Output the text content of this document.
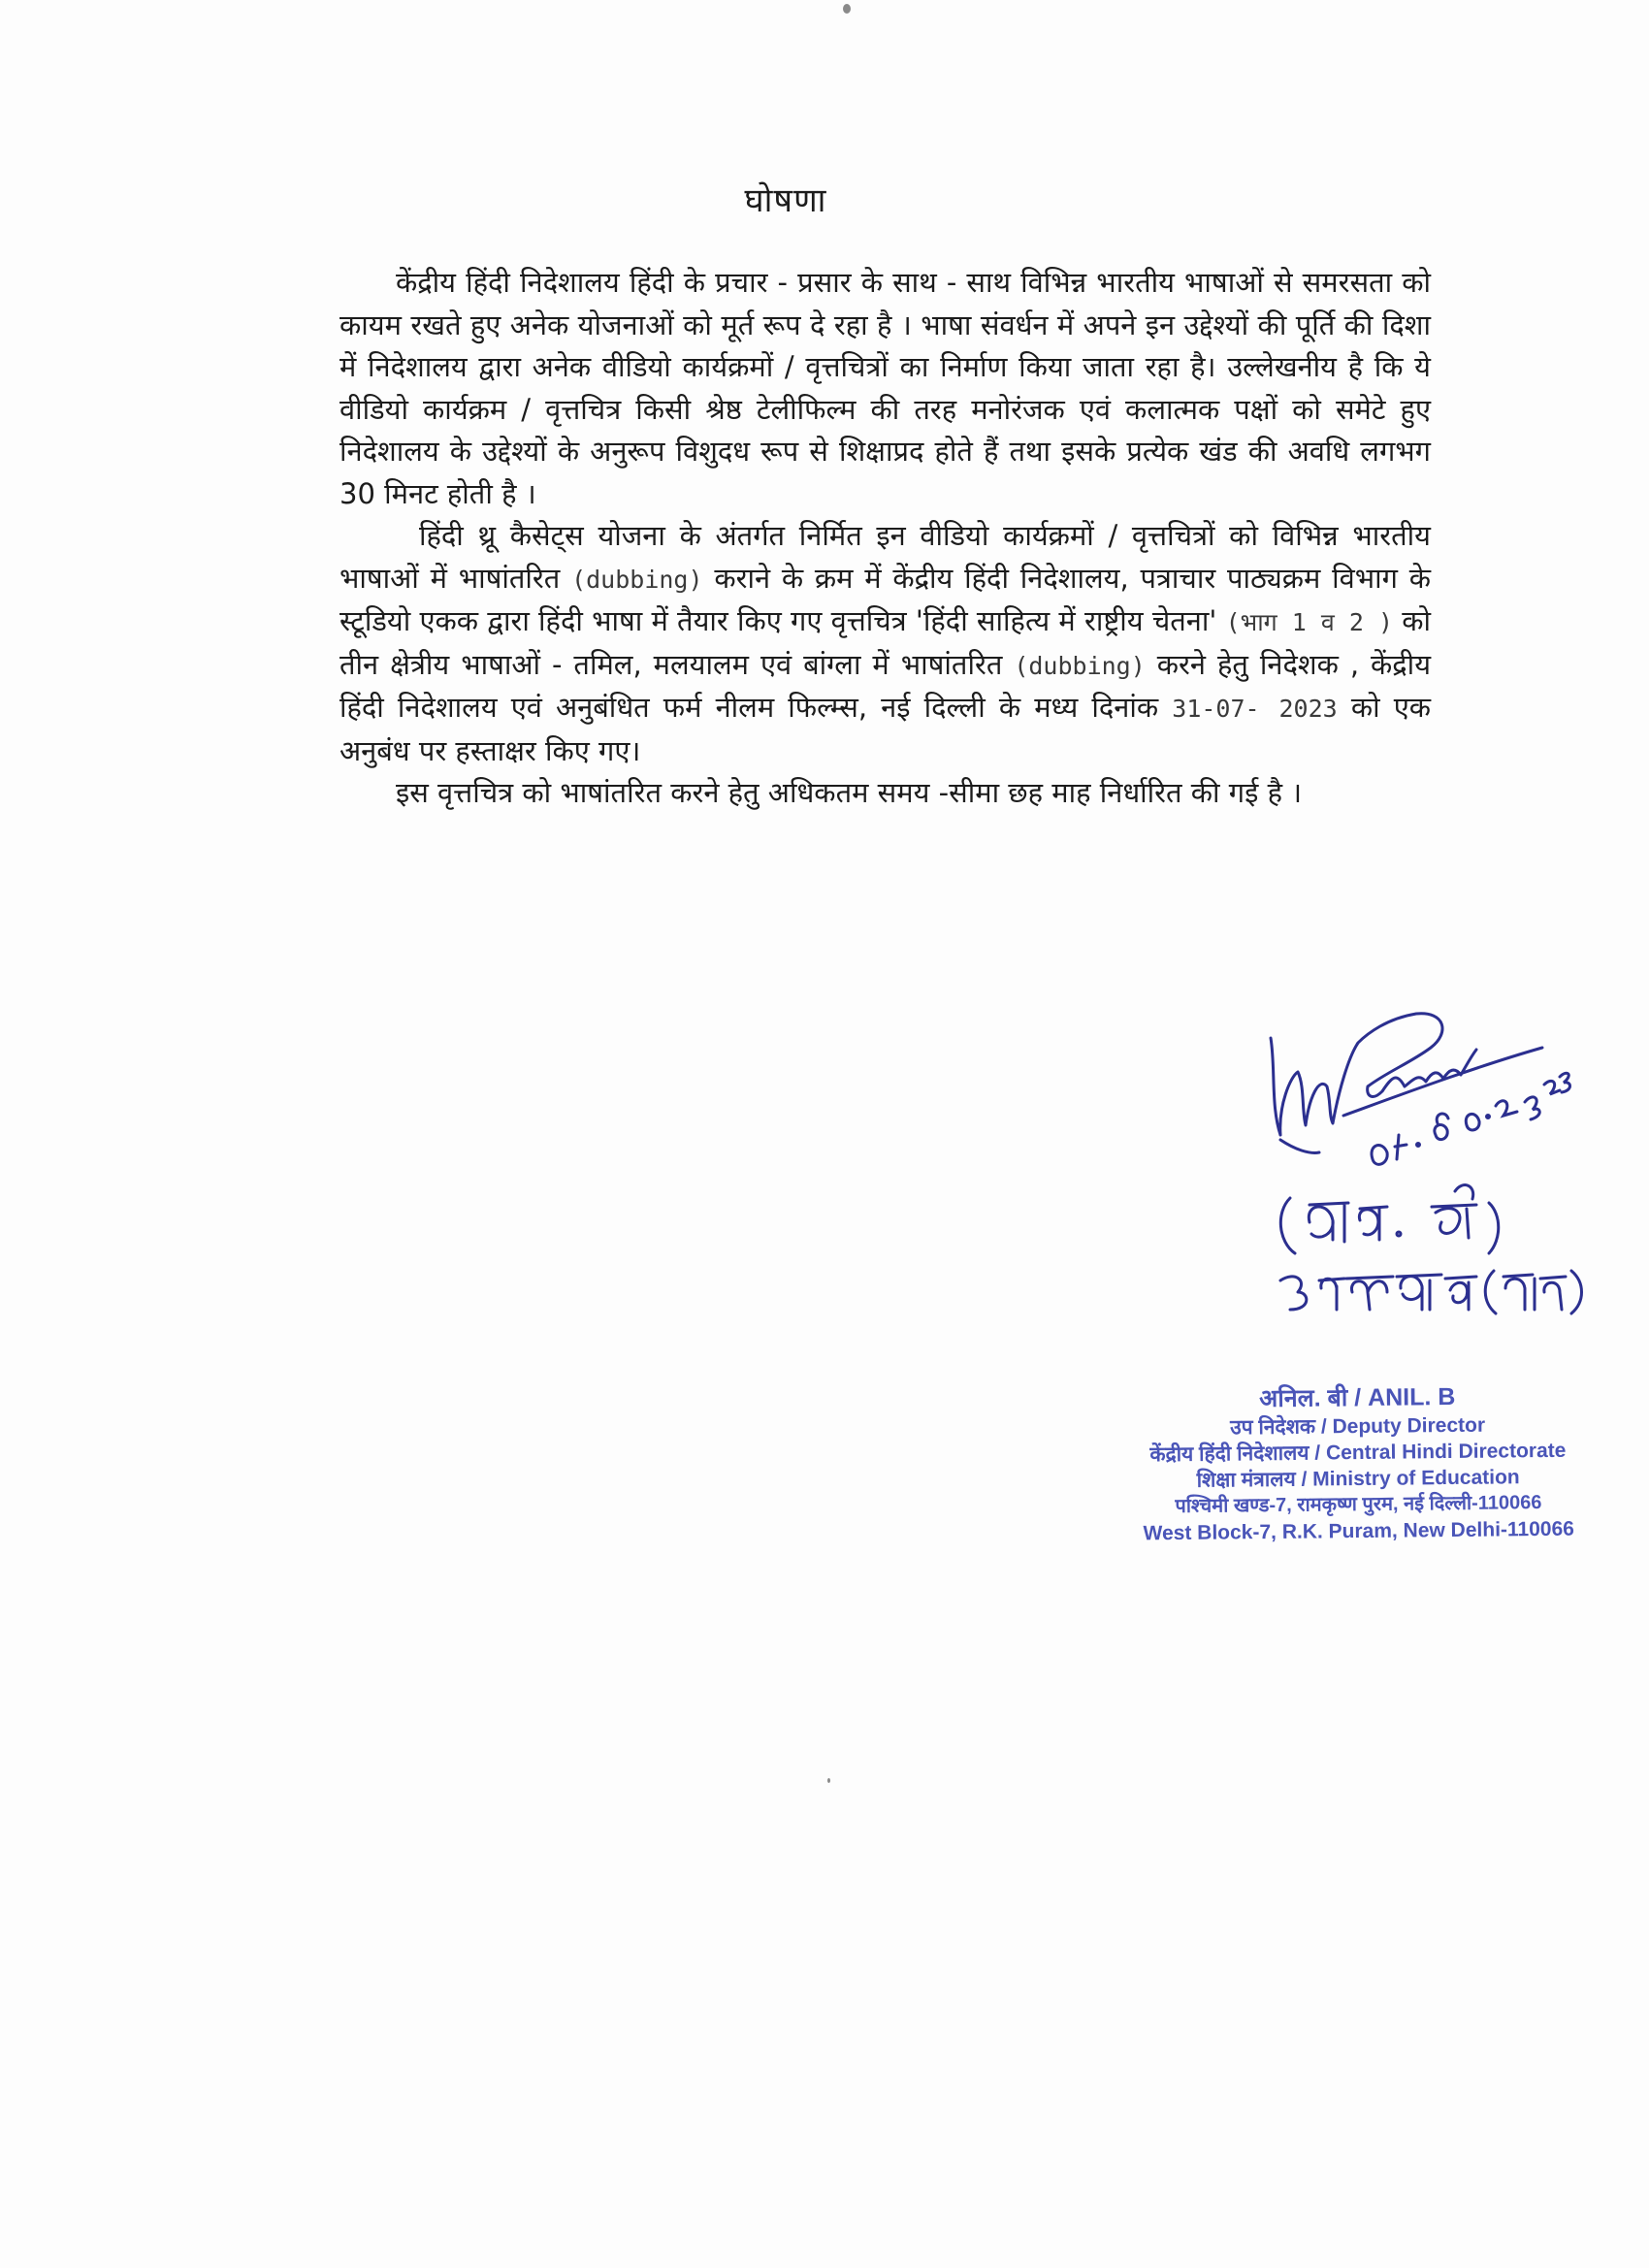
घोषणा

केंद्रीय हिंदी निदेशालय हिंदी के प्रचार - प्रसार के साथ - साथ विभिन्न भारतीय भाषाओं से समरसता को कायम रखते हुए अनेक योजनाओं को मूर्त रूप दे रहा है । भाषा संवर्धन में अपने इन उद्देश्यों की पूर्ति की दिशा में निदेशालय द्वारा अनेक वीडियो कार्यक्रमों / वृत्तचित्रों का निर्माण किया जाता रहा है। उल्लेखनीय है कि ये वीडियो कार्यक्रम / वृत्तचित्र किसी श्रेष्ठ टेलीफिल्म की तरह मनोरंजक एवं कलात्मक पक्षों को समेटे हुए निदेशालय के उद्देश्यों के अनुरूप विशुदध रूप से शिक्षाप्रद होते हैं तथा इसके प्रत्येक खंड की अवधि लगभग 30 मिनट होती है ।

हिंदी थ्रू कैसेट्स योजना के अंतर्गत निर्मित इन वीडियो कार्यक्रमों / वृत्तचित्रों को विभिन्न भारतीय भाषाओं में भाषांतरित (dubbing) कराने के क्रम में केंद्रीय हिंदी निदेशालय, पत्राचार पाठ्यक्रम विभाग के स्टूडियो एकक द्वारा हिंदी भाषा में तैयार किए गए वृत्तचित्र 'हिंदी साहित्य में राष्ट्रीय चेतना' (भाग 1 व 2 ) को तीन क्षेत्रीय भाषाओं - तमिल, मलयालम एवं बांग्ला में भाषांतरित (dubbing) करने हेतु निदेशक , केंद्रीय हिंदी निदेशालय एवं अनुबंधित फर्म नीलम फिल्म्स, नई दिल्ली के मध्य दिनांक 31-07- 2023 को एक अनुबंध पर हस्ताक्षर किए गए।

इस वृत्तचित्र को भाषांतरित करने हेतु अधिकतम समय -सीमा छह माह निर्धारित की गई है ।

अनिल. बी / ANIL. B
उप निदेशक / Deputy Director
केंद्रीय हिंदी निदेशालय / Central Hindi Directorate
शिक्षा मंत्रालय / Ministry of Education
पश्चिमी खण्ड-7, रामकृष्ण पुरम, नई दिल्ली-110066
West Block-7, R.K. Puram, New Delhi-110066
